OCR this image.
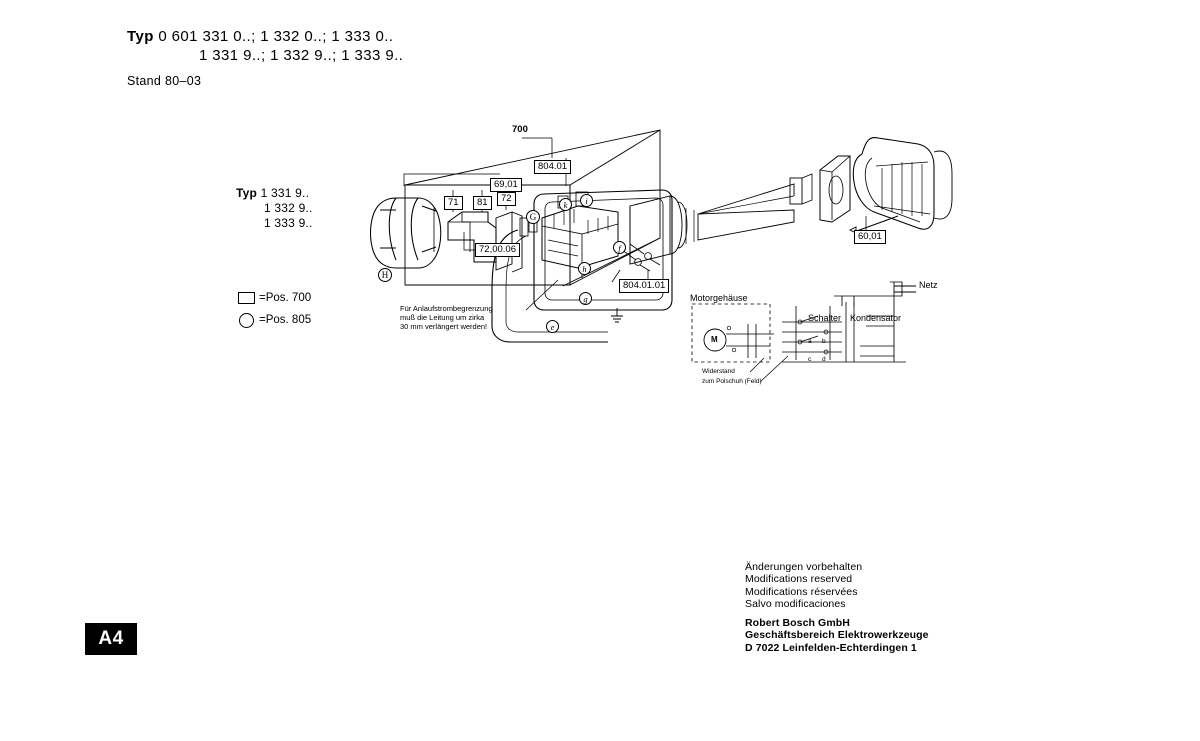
Typ 0 601 331 0..; 1 332 0..; 1 333 0..
1 331 9..; 1 332 9..; 1 333 9..
Stand 80–03
Typ 1 331 9..
1 332 9..
1 333 9..
=Pos. 700
=Pos. 805
A4
Änderungen vorbehalten
Modifications reserved
Modifications réservées
Salvo modificaciones
Robert Bosch GmbH
Geschäftsbereich Elektrowerkzeuge
D 7022 Leinfelden-Echterdingen 1
700
804.01
69,01
71	81	72
72,00.06
804.01.01
60,01
G
k	i
f
h
H
g
e
Für Anlaufstrombegrenzung
muß die Leitung um zirka
30 mm verlängert werden!
Motorgehäuse
Schalter Kondensator
Netz
Widerstand
zum Polschuh (Feld)
M	a b
c d
